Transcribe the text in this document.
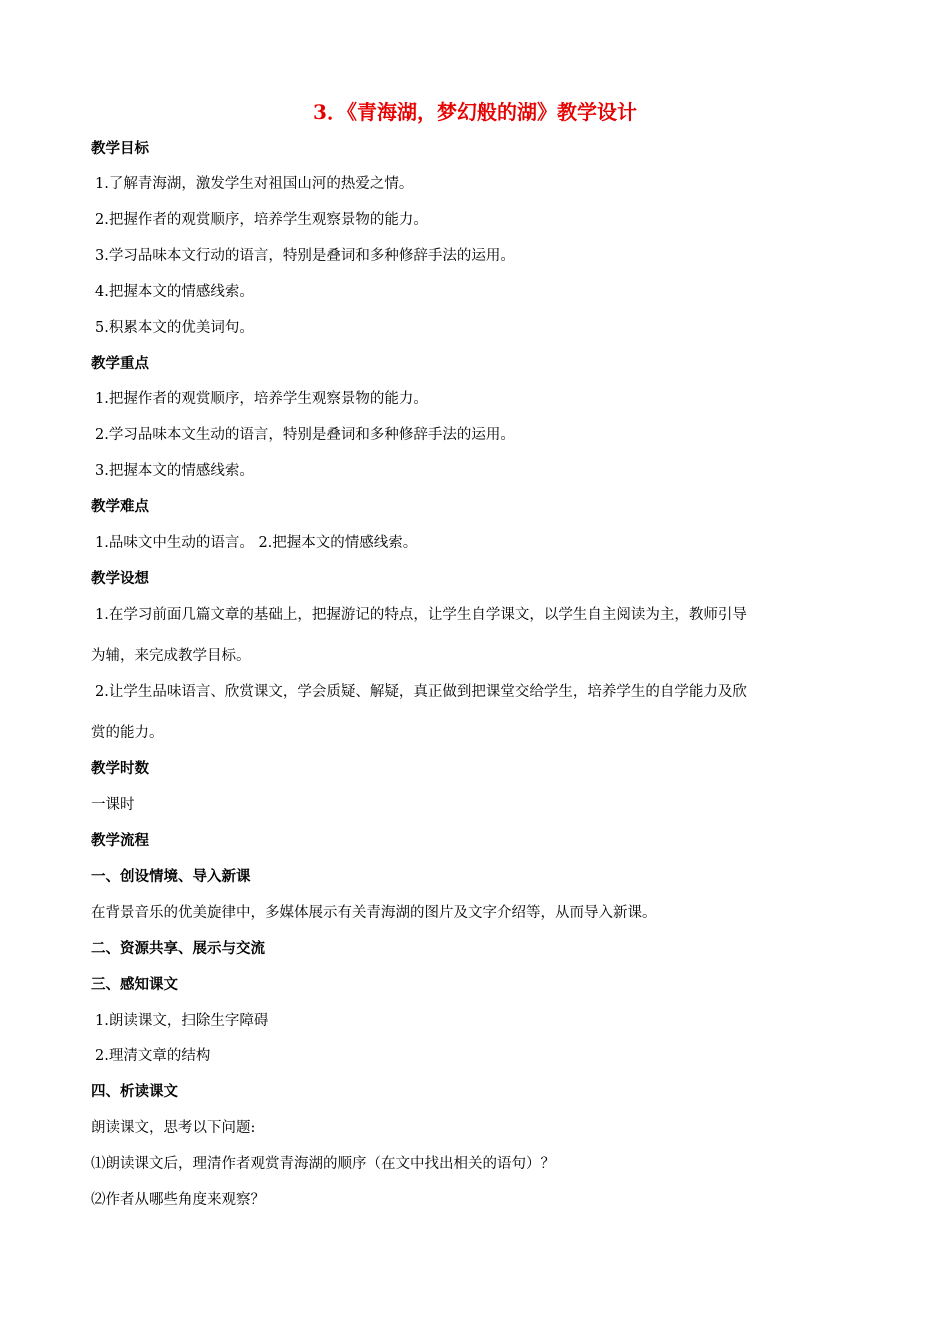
3．《青海湖，梦幻般的湖》教学设计
教学目标
1.了解青海湖，激发学生对祖国山河的热爱之情。
2.把握作者的观赏顺序，培养学生观察景物的能力。
3.学习品味本文行动的语言，特别是叠词和多种修辞手法的运用。
4.把握本文的情感线索。
5.积累本文的优美词句。
教学重点
1.把握作者的观赏顺序，培养学生观察景物的能力。
2.学习品味本文生动的语言，特别是叠词和多种修辞手法的运用。
3.把握本文的情感线索。
教学难点
1.品味文中生动的语言。 2.把握本文的情感线索。
教学设想
1.在学习前面几篇文章的基础上，把握游记的特点，让学生自学课文，以学生自主阅读为主，教师引导
为辅，来完成教学目标。
2.让学生品味语言、欣赏课文，学会质疑、解疑，真正做到把课堂交给学生，培养学生的自学能力及欣
赏的能力。
教学时数
一课时
教学流程
一、创设情境、导入新课
在背景音乐的优美旋律中，多媒体展示有关青海湖的图片及文字介绍等，从而导入新课。
二、资源共享、展示与交流
三、感知课文
1.朗读课文，扫除生字障碍
2.理清文章的结构
四、析读课文
朗读课文，思考以下问题:
⑴朗读课文后，理清作者观赏青海湖的顺序（在文中找出相关的语句）？
⑵作者从哪些角度来观察？
